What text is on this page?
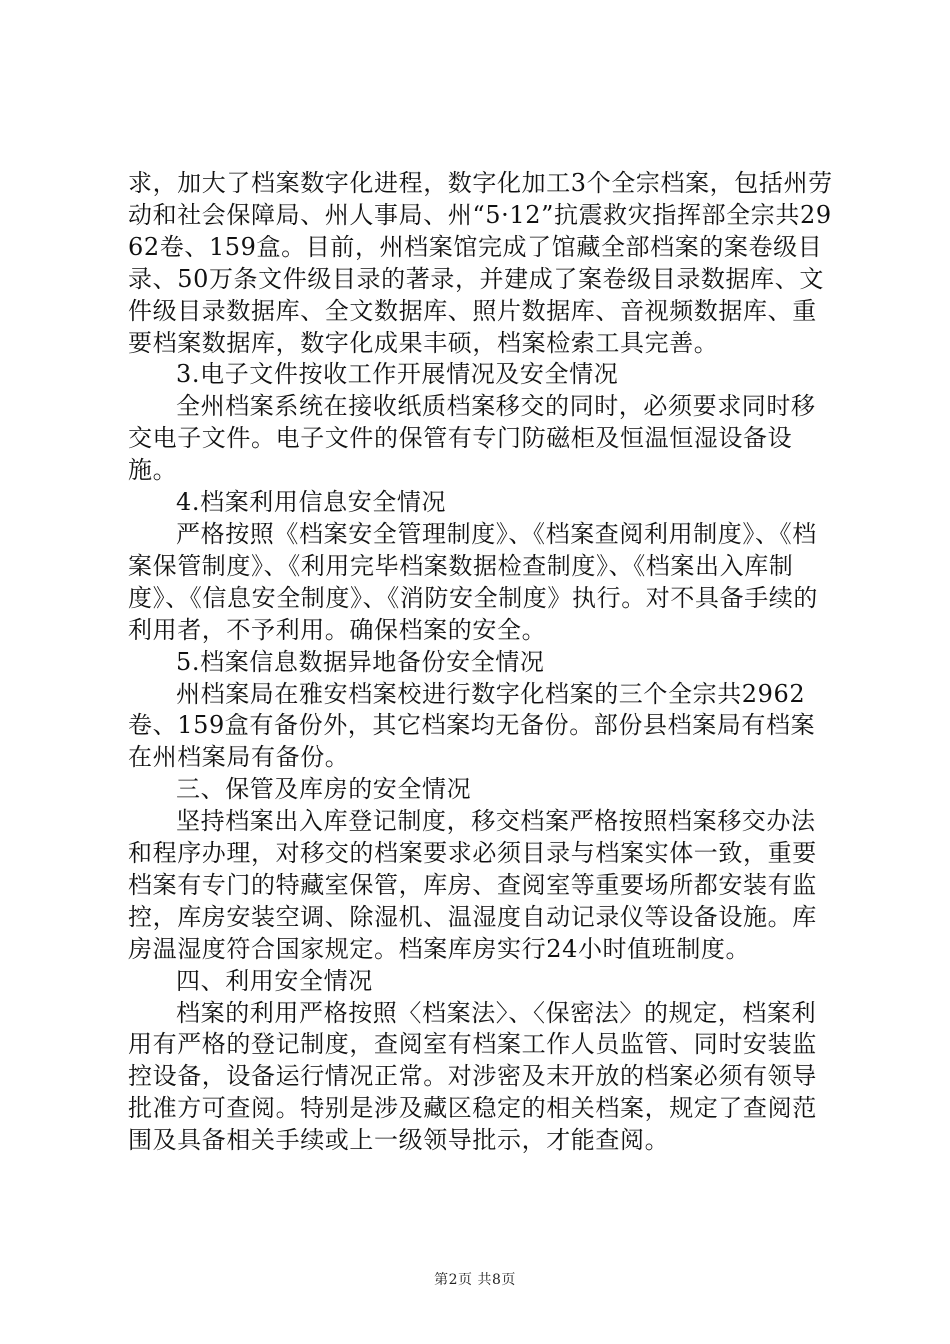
求，加大了档案数字化进程，数字化加工3个全宗档案，包括州劳动和社会保障局、州人事局、州“5·12”抗震救灾指挥部全宗共2962卷、159盒。目前，州档案馆完成了馆藏全部档案的案卷级目录、50万条文件级目录的著录，并建成了案卷级目录数据库、文件级目录数据库、全文数据库、照片数据库、音视频数据库、重要档案数据库，数字化成果丰硕，档案检索工具完善。

3.电子文件按收工作开展情况及安全情况

全州档案系统在接收纸质档案移交的同时，必须要求同时移交电子文件。电子文件的保管有专门防磁柜及恒温恒湿设备设施。

4.档案利用信息安全情况

严格按照《档案安全管理制度》、《档案查阅利用制度》、《档案保管制度》、《利用完毕档案数据检查制度》、《档案出入库制度》、《信息安全制度》、《消防安全制度》执行。对不具备手续的利用者，不予利用。确保档案的安全。

5.档案信息数据异地备份安全情况

州档案局在雅安档案校进行数字化档案的三个全宗共2962卷、159盒有备份外，其它档案均无备份。部份县档案局有档案在州档案局有备份。

三、保管及库房的安全情况

坚持档案出入库登记制度，移交档案严格按照档案移交办法和程序办理，对移交的档案要求必须目录与档案实体一致，重要档案有专门的特藏室保管，库房、查阅室等重要场所都安装有监控，库房安装空调、除湿机、温湿度自动记录仪等设备设施。库房温湿度符合国家规定。档案库房实行24小时值班制度。

四、利用安全情况

档案的利用严格按照〈档案法〉、〈保密法〉的规定，档案利用有严格的登记制度，查阅室有档案工作人员监管、同时安装监控设备，设备运行情况正常。对涉密及末开放的档案必须有领导批准方可查阅。特别是涉及藏区稳定的相关档案，规定了查阅范围及具备相关手续或上一级领导批示，才能查阅。

第2页 共8页
